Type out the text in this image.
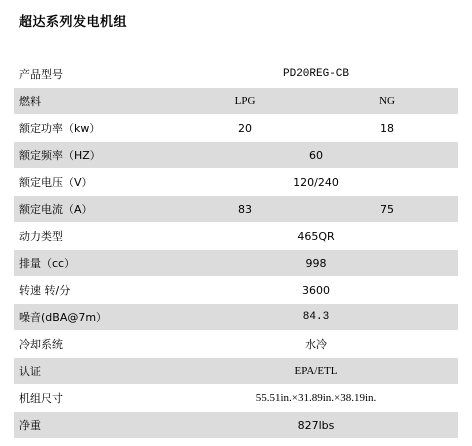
超达系列发电机组
产品型号	PD20REG-CB	
燃料	LPG	NG
额定功率（kw）	20	18
额定频率（HZ）	60	
额定电压（V）	120/240	
额定电流（A）	83	75
动力类型	465QR	
排量（cc）	998	
转速 转/分	3600	
噪音(dBA@7m）	84.3	
冷却系统	水冷	
认证	EPA/ETL	
机组尺寸	55.51in.×31.89in.×38.19in.	
净重	827lbs	
